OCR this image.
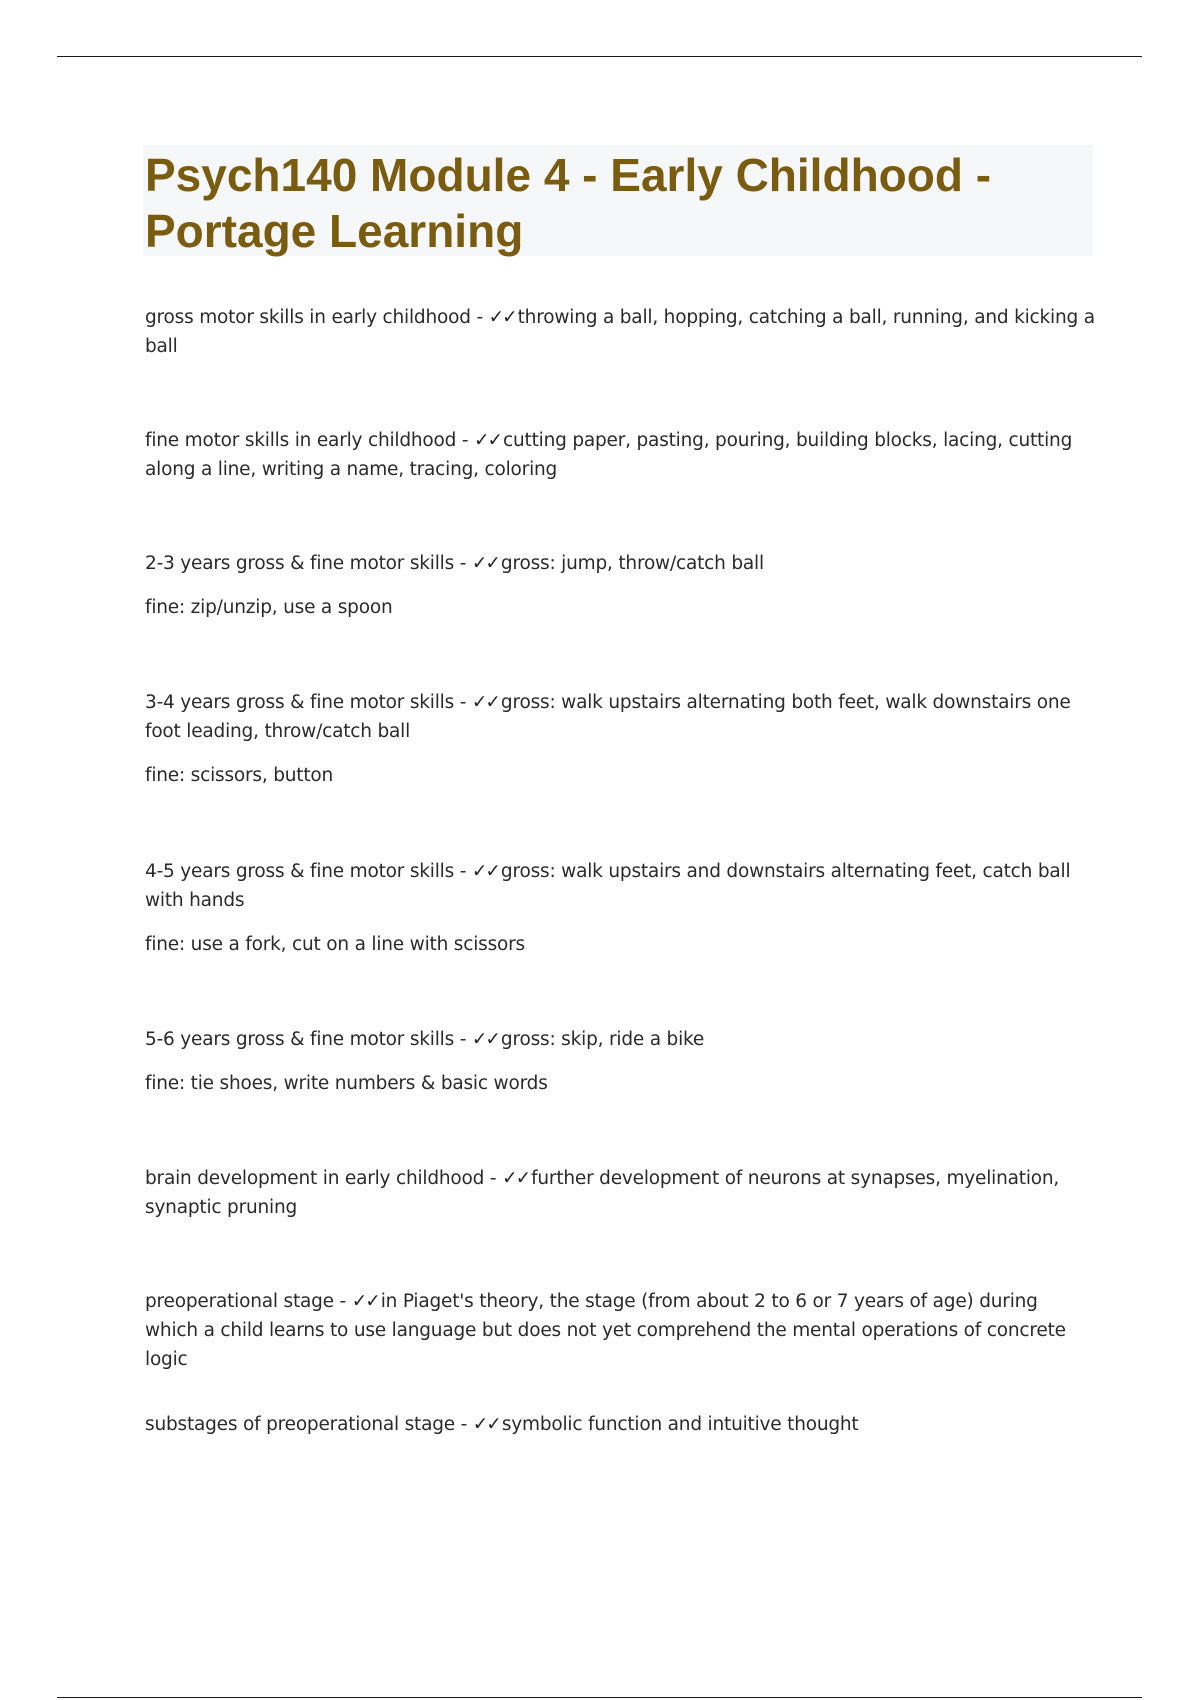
Psych140 Module 4 - Early Childhood - Portage Learning

gross motor skills in early childhood - ✓✓ throwing a ball, hopping, catching a ball, running, and kicking a ball

fine motor skills in early childhood - ✓✓ cutting paper, pasting, pouring, building blocks, lacing, cutting along a line, writing a name, tracing, coloring

2-3 years gross & fine motor skills - ✓✓ gross: jump, throw/catch ball

fine: zip/unzip, use a spoon

3-4 years gross & fine motor skills - ✓✓ gross: walk upstairs alternating both feet, walk downstairs one foot leading, throw/catch ball

fine: scissors, button

4-5 years gross & fine motor skills - ✓✓ gross: walk upstairs and downstairs alternating feet, catch ball with hands

fine: use a fork, cut on a line with scissors

5-6 years gross & fine motor skills - ✓✓ gross: skip, ride a bike

fine: tie shoes, write numbers & basic words

brain development in early childhood - ✓✓ further development of neurons at synapses, myelination, synaptic pruning

preoperational stage - ✓✓ in Piaget's theory, the stage (from about 2 to 6 or 7 years of age) during which a child learns to use language but does not yet comprehend the mental operations of concrete logic

substages of preoperational stage - ✓✓ symbolic function and intuitive thought
